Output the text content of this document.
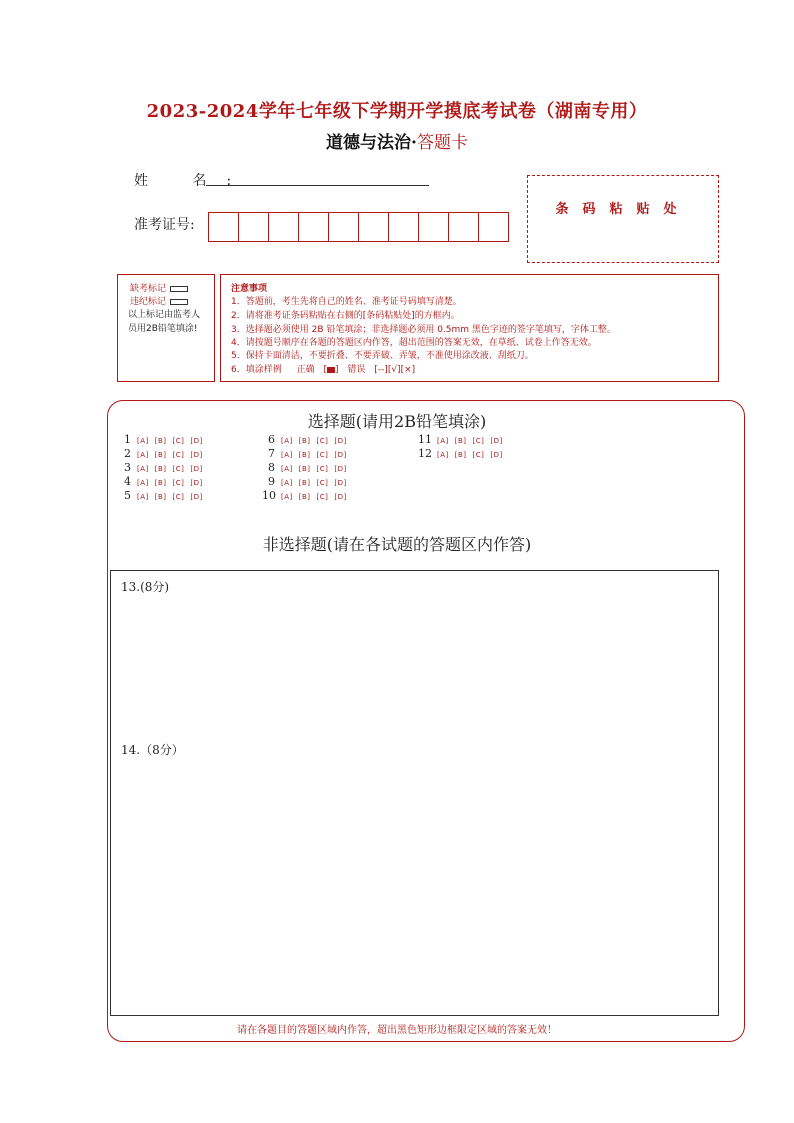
2023-2024学年七年级下学期开学摸底考试卷（湖南专用）
道德与法治·答题卡
姓 名:
准考证号:
条码粘贴处
缺考标记
违纪标记
以上标记由监考人员用2B铅笔填涂!
注意事项
1．答题前，考生先将自己的姓名、准考证号码填写清楚。
2．请将准考证条码粘贴在右侧的[条码粘贴处]的方框内。
3．选择题必须使用 2B 铅笔填涂；非选择题必须用 0.5mm 黑色字迹的签字笔填写，字体工整。
4．请按题号顺序在各题的答题区内作答，超出范围的答案无效，在草纸、试卷上作答无效。
5．保持卡面清洁，不要折叠、不要弄破、弄皱，不准使用涂改液、刮纸刀。
6．填涂样例 正确 [ ] 错误 [--][√][×]
选择题(请用2B铅笔填涂)
1 [A] [B] [C] [D]
2 [A] [B] [C] [D]
3 [A] [B] [C] [D]
4 [A] [B] [C] [D]
5 [A] [B] [C] [D]
6 [A] [B] [C] [D]
7 [A] [B] [C] [D]
8 [A] [B] [C] [D]
9 [A] [B] [C] [D]
10 [A] [B] [C] [D]
11 [A] [B] [C] [D]
12 [A] [B] [C] [D]
非选择题(请在各试题的答题区内作答)
13.(8分)
14.（8分）
请在各题目的答题区域内作答，超出黑色矩形边框限定区域的答案无效！
